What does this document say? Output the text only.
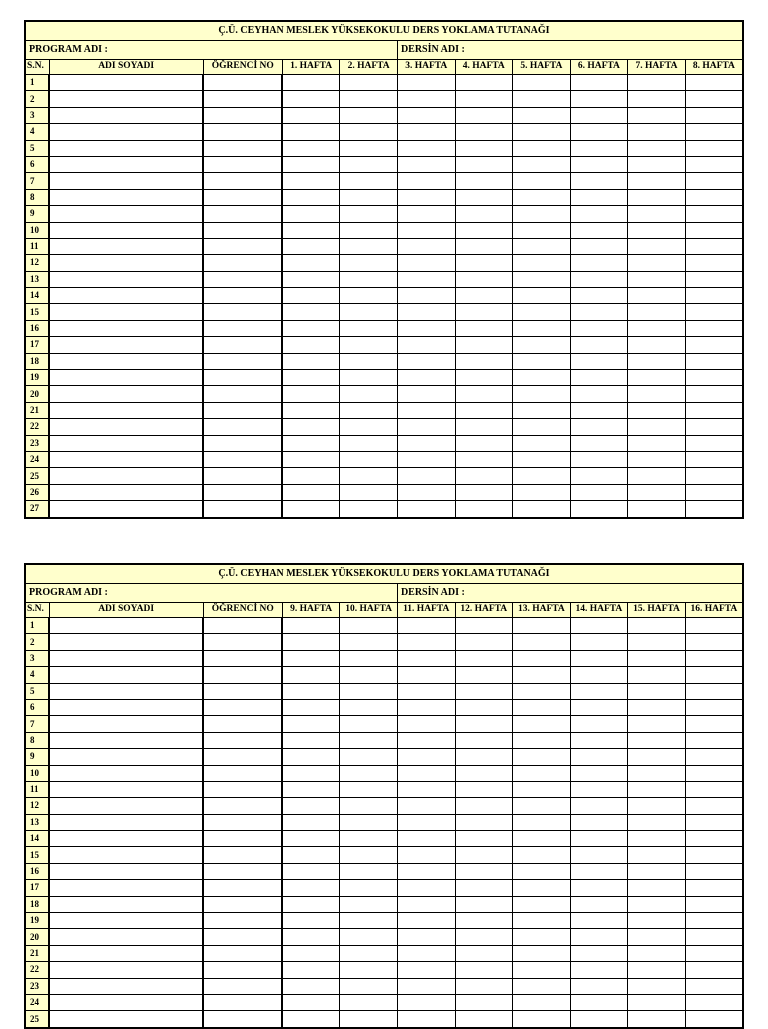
Ç.Ü. CEYHAN MESLEK YÜKSEKOKULU DERS YOKLAMA TUTANAĞI										
PROGRAM ADI :					DERSİN ADI :					
S.N.	ADI SOYADI	ÖĞRENCİ NO	1. HAFTA	2. HAFTA	3. HAFTA	4. HAFTA	5. HAFTA	6. HAFTA	7. HAFTA	8. HAFTA
1										
2										
3										
4										
5										
6										
7										
8										
9										
10										
11										
12										
13										
14										
15										
16										
17										
18										
19										
20										
21										
22										
23										
24										
25										
26										
27										
Ç.Ü. CEYHAN MESLEK YÜKSEKOKULU DERS YOKLAMA TUTANAĞI										
PROGRAM ADI :					DERSİN ADI :					
S.N.	ADI SOYADI	ÖĞRENCİ NO	9. HAFTA	10. HAFTA	11. HAFTA	12. HAFTA	13. HAFTA	14. HAFTA	15. HAFTA	16. HAFTA
1										
2										
3										
4										
5										
6										
7										
8										
9										
10										
11										
12										
13										
14										
15										
16										
17										
18										
19										
20										
21										
22										
23										
24										
25										
